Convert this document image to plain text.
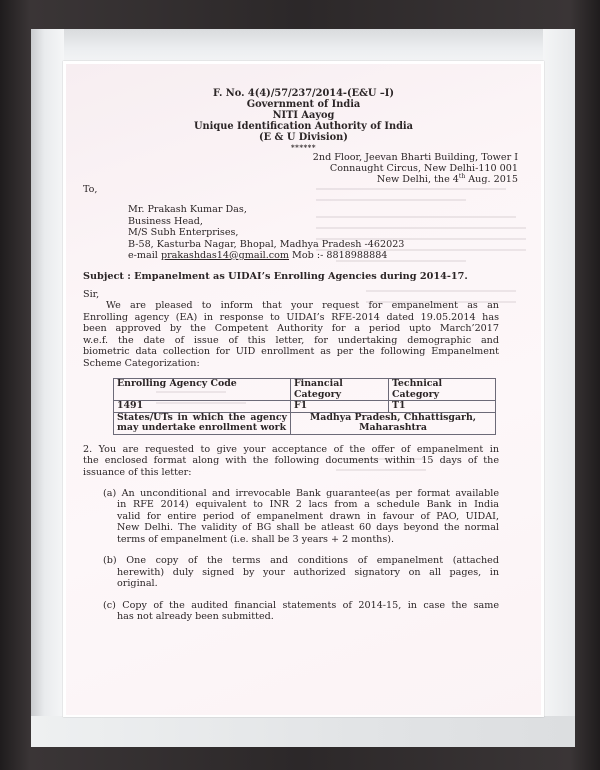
F. No. 4(4)/57/237/2014-(E&U –I)
Government of India
NITI Aayog
Unique Identification Authority of India
(E & U Division)
******
2nd Floor, Jeevan Bharti Building, Tower I
Connaught Circus, New Delhi-110 001
New Delhi, the 4th Aug. 2015
To,
Mr. Prakash Kumar Das,
Business Head,
M/S Subh Enterprises,
B-58, Kasturba Nagar, Bhopal, Madhya Pradesh -462023
e-mail prakashdas14@gmail.com Mob :- 8818988884
Subject : Empanelment as UIDAI’s Enrolling Agencies during 2014-17.
Sir,
We are pleased to inform that your request for empanelment as an
Enrolling agency (EA) in response to UIDAI’s RFE-2014 dated 19.05.2014 has
been approved by the Competent Authority for a period upto March’2017
w.e.f. the date of issue of this letter, for undertaking demographic and
biometric data collection for UID enrollment as per the following Empanelment
Scheme Categorization:
Enrolling Agency Code	Financial Category	Technical
Category
1491	F1	T1

States/UTs in which the agency
may undertake enrollment work	Madhya Pradesh, Chhattisgarh,
Maharashtra	
2. You are requested to give your acceptance of the offer of empanelment in
the enclosed format along with the following documents within 15 days of the
issuance of this letter:
(a) An unconditional and irrevocable Bank guarantee(as per format available
in RFE 2014) equivalent to INR 2 lacs from a schedule Bank in India
valid for entire period of empanelment drawn in favour of PAO, UIDAI,
New Delhi. The validity of BG shall be atleast 60 days beyond the normal
terms of empanelment (i.e. shall be 3 years + 2 months).
(b) One copy of the terms and conditions of empanelment (attached
herewith) duly signed by your authorized signatory on all pages, in
original.
(c) Copy of the audited financial statements of 2014-15, in case the same
has not already been submitted.
